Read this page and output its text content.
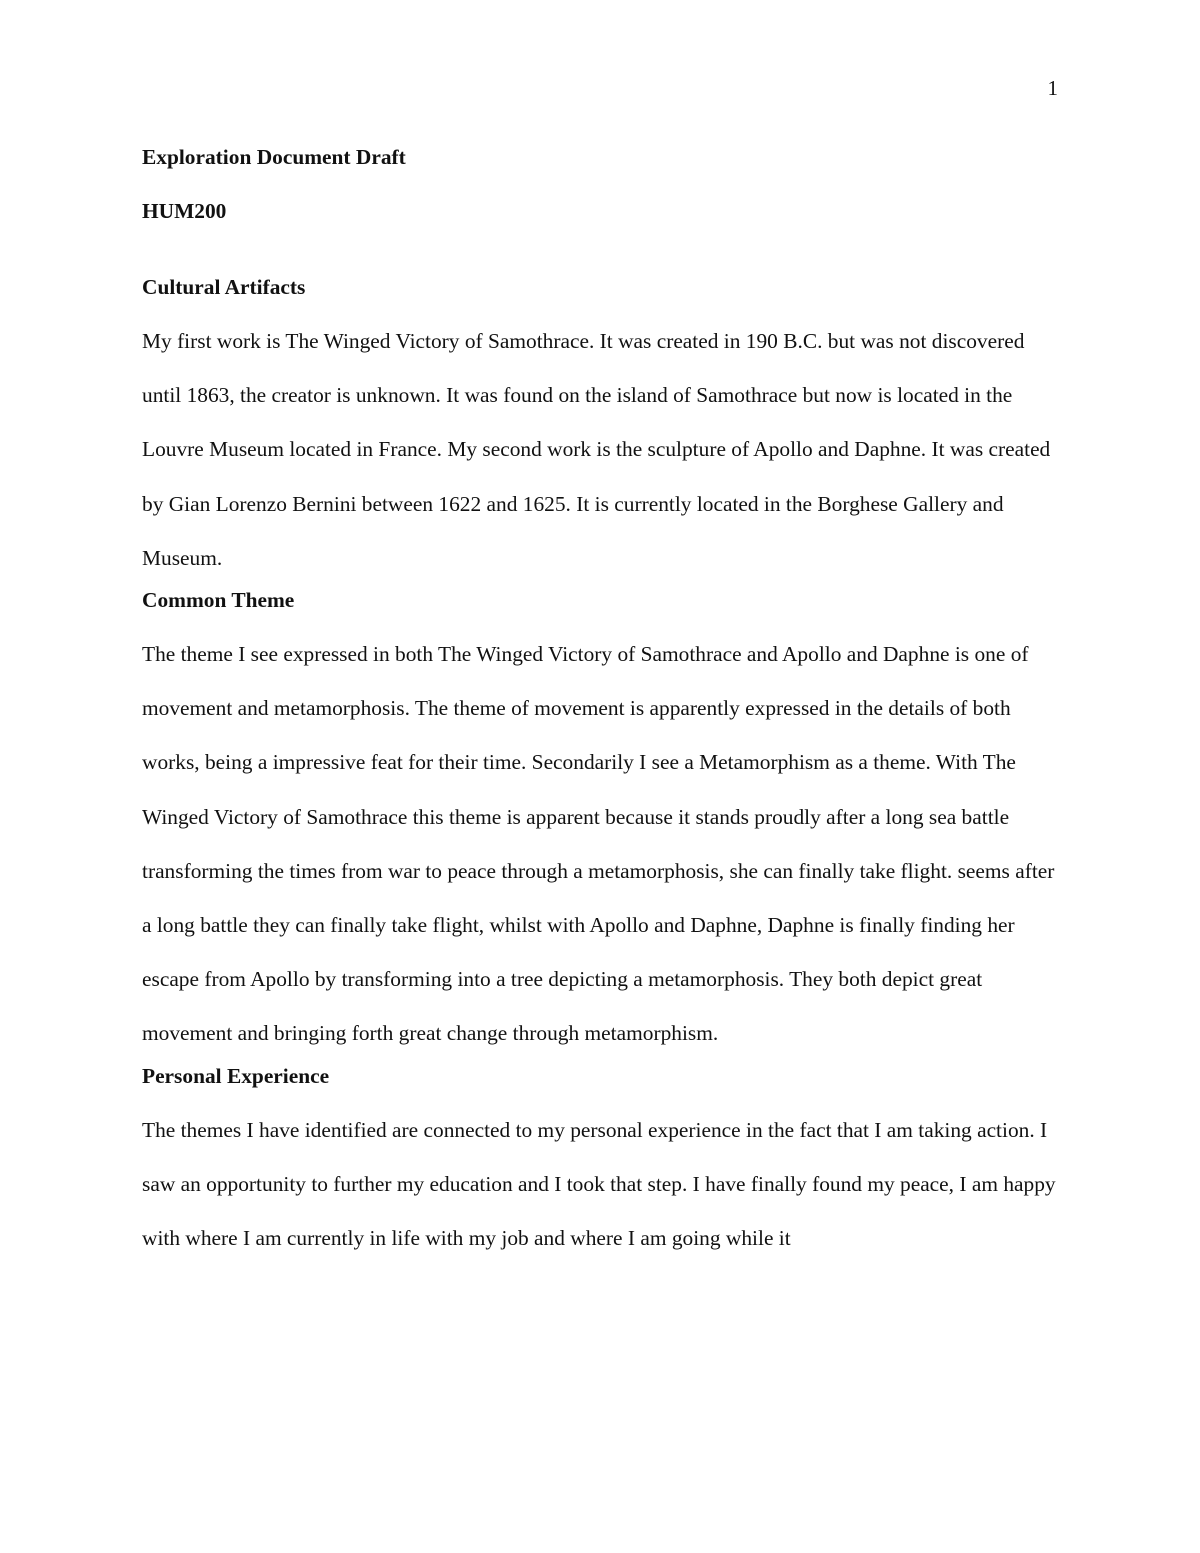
1

Exploration Document Draft

HUM200

Cultural Artifacts

My first work is The Winged Victory of Samothrace. It was created in 190 B.C. but was not discovered until 1863, the creator is unknown. It was found on the island of Samothrace but now is located in the Louvre Museum located in France. My second work is the sculpture of Apollo and Daphne. It was created by Gian Lorenzo Bernini between 1622 and 1625. It is currently located in the Borghese Gallery and Museum.

Common Theme

The theme I see expressed in both The Winged Victory of Samothrace and Apollo and Daphne is one of movement and metamorphosis. The theme of movement is apparently expressed in the details of both works, being a impressive feat for their time. Secondarily I see a Metamorphism as a theme. With The Winged Victory of Samothrace this theme is apparent because it stands proudly after a long sea battle transforming the times from war to peace through a metamorphosis, she can finally take flight. seems after a long battle they can finally take flight, whilst with Apollo and Daphne, Daphne is finally finding her escape from Apollo by transforming into a tree depicting a metamorphosis. They both depict great movement and bringing forth great change through metamorphism.

Personal Experience

The themes I have identified are connected to my personal experience in the fact that I am taking action. I saw an opportunity to further my education and I took that step. I have finally found my peace, I am happy with where I am currently in life with my job and where I am going while it
